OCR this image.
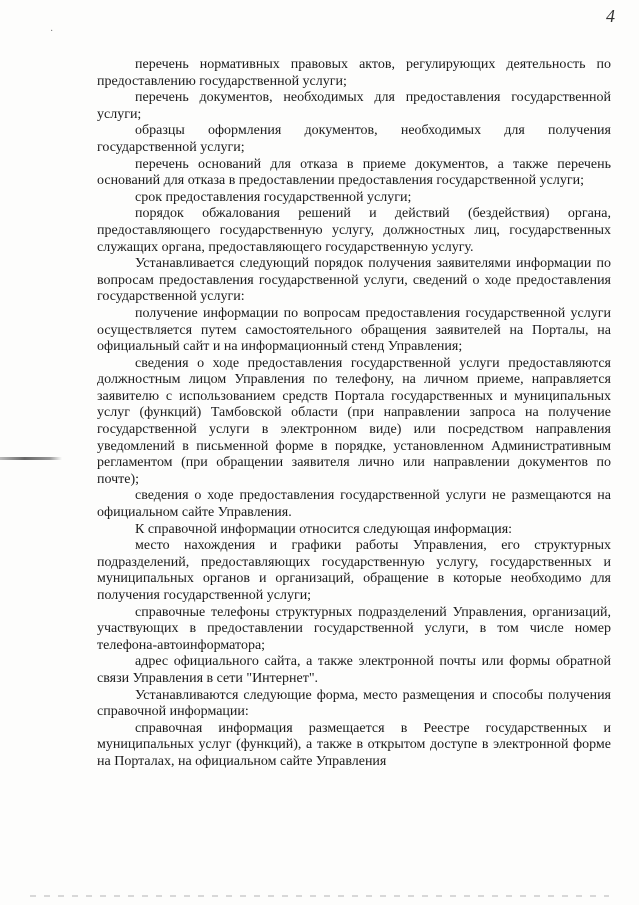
4
·

перечень нормативных правовых актов, регулирующих деятельность по предоставлению государственной услуги;

перечень документов, необходимых для предоставления государственной услуги;

образцы оформления документов, необходимых для получения государственной услуги;

перечень оснований для отказа в приеме документов, а также перечень оснований для отказа в предоставлении предоставления государственной услуги;

срок предоставления государственной услуги;

порядок обжалования решений и действий (бездействия) органа, предоставляющего государственную услугу, должностных лиц, государственных служащих органа, предоставляющего государственную услугу.

Устанавливается следующий порядок получения заявителями информации по вопросам предоставления государственной услуги, сведений о ходе предоставления государственной услуги:

получение информации по вопросам предоставления государственной услуги осуществляется путем самостоятельного обращения заявителей на Порталы, на официальный сайт и на информационный стенд Управления;

сведения о ходе предоставления государственной услуги предоставляются должностным лицом Управления по телефону, на личном приеме, направляется заявителю с использованием средств Портала государственных и муниципальных услуг (функций) Тамбовской области (при направлении запроса на получение государственной услуги в электронном виде) или посредством направления уведомлений в письменной форме в порядке, установленном Административным регламентом (при обращении заявителя лично или направлении документов по почте);

сведения о ходе предоставления государственной услуги не размещаются на официальном сайте Управления.

К справочной информации относится следующая информация:

место нахождения и графики работы Управления, его структурных подразделений, предоставляющих государственную услугу, государственных и муниципальных органов и организаций, обращение в которые необходимо для получения государственной услуги;

справочные телефоны структурных подразделений Управления, организаций, участвующих в предоставлении государственной услуги, в том числе номер телефона-автоинформатора;

адрес официального сайта, а также электронной почты или формы обратной связи Управления в сети "Интернет".

Устанавливаются следующие форма, место размещения и способы получения справочной информации:

справочная информация размещается в Реестре государственных и муниципальных услуг (функций), а также в открытом доступе в электронной форме на Порталах, на официальном сайте Управления
